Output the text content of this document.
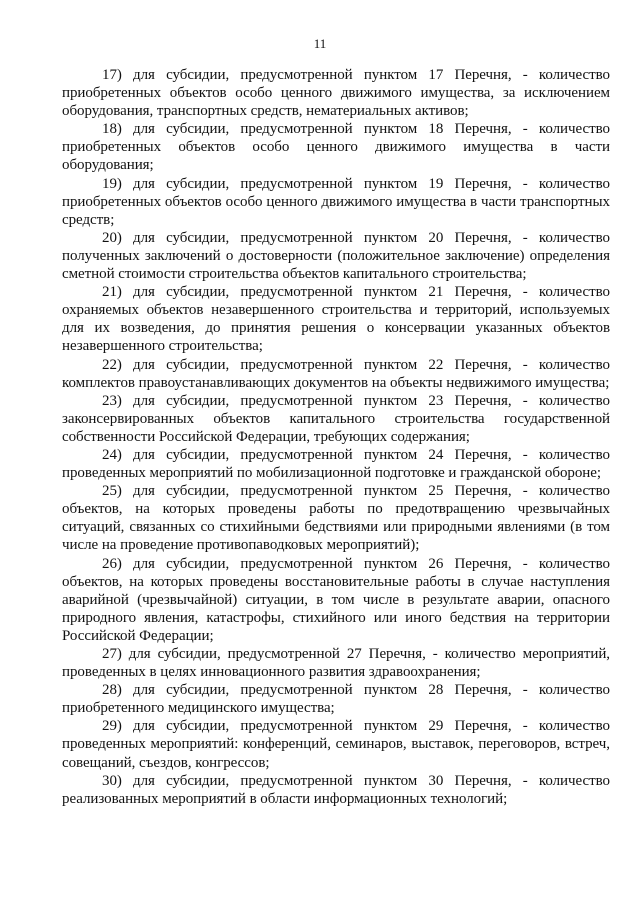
11

17) для субсидии, предусмотренной пунктом 17 Перечня, - количество приобретенных объектов особо ценного движимого имущества, за исключением оборудования, транспортных средств, нематериальных активов;

18) для субсидии, предусмотренной пунктом 18 Перечня, - количество приобретенных объектов особо ценного движимого имущества в части оборудования;

19) для субсидии, предусмотренной пунктом 19 Перечня, - количество приобретенных объектов особо ценного движимого имущества в части транспортных средств;

20) для субсидии, предусмотренной пунктом 20 Перечня, - количество полученных заключений о достоверности (положительное заключение) определения сметной стоимости строительства объектов капитального строительства;

21) для субсидии, предусмотренной пунктом 21 Перечня, - количество охраняемых объектов незавершенного строительства и территорий, используемых для их возведения, до принятия решения о консервации указанных объектов незавершенного строительства;

22) для субсидии, предусмотренной пунктом 22 Перечня, - количество комплектов правоустанавливающих документов на объекты недвижимого имущества;

23) для субсидии, предусмотренной пунктом 23 Перечня, - количество законсервированных объектов капитального строительства государственной собственности Российской Федерации, требующих содержания;

24) для субсидии, предусмотренной пунктом 24 Перечня, - количество проведенных мероприятий по мобилизационной подготовке и гражданской обороне;

25) для субсидии, предусмотренной пунктом 25 Перечня, - количество объектов, на которых проведены работы по предотвращению чрезвычайных ситуаций, связанных со стихийными бедствиями или природными явлениями (в том числе на проведение противопаводковых мероприятий);

26) для субсидии, предусмотренной пунктом 26 Перечня, - количество объектов, на которых проведены восстановительные работы в случае наступления аварийной (чрезвычайной) ситуации, в том числе в результате аварии, опасного природного явления, катастрофы, стихийного или иного бедствия на территории Российской Федерации;

27) для субсидии, предусмотренной 27 Перечня, - количество мероприятий, проведенных в целях инновационного развития здравоохранения;

28) для субсидии, предусмотренной пунктом 28 Перечня, - количество приобретенного медицинского имущества;

29) для субсидии, предусмотренной пунктом 29 Перечня, - количество проведенных мероприятий: конференций, семинаров, выставок, переговоров, встреч, совещаний, съездов, конгрессов;

30) для субсидии, предусмотренной пунктом 30 Перечня, - количество реализованных мероприятий в области информационных технологий;
